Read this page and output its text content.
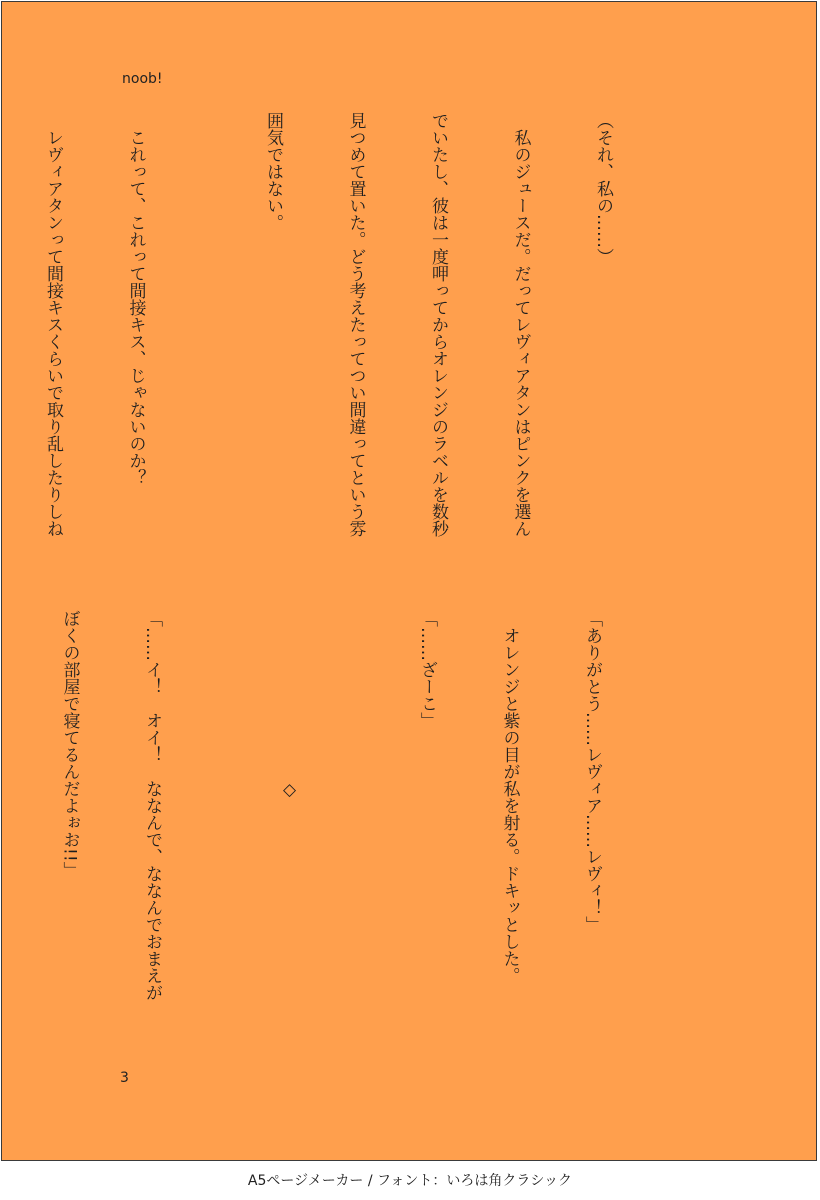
noob!

（それ、私の……）

　私のジュースだ。だってレヴィアタンはピンクを選ん

でいたし、彼は一度呷ってからオレンジのラベルを数秒

見つめて置いた。どう考えたってつい間違ってという雰

囲気ではない。

　これって、これって間接キス、じゃないのか？

　レヴィアタンって間接キスくらいで取り乱したりしね

「ありがとう……レヴィア……レヴィ！」

　オレンジと紫の目が私を射る。ドキッとした。

「……ざーこ」

　　　　　　　　　　◇

「……イ！　オイ！　ななんで、ななんでおまえが

ぼくの部屋で寝てるんだよぉお!!」

3
A5ページメーカー / フォント：いろは角クラシック
